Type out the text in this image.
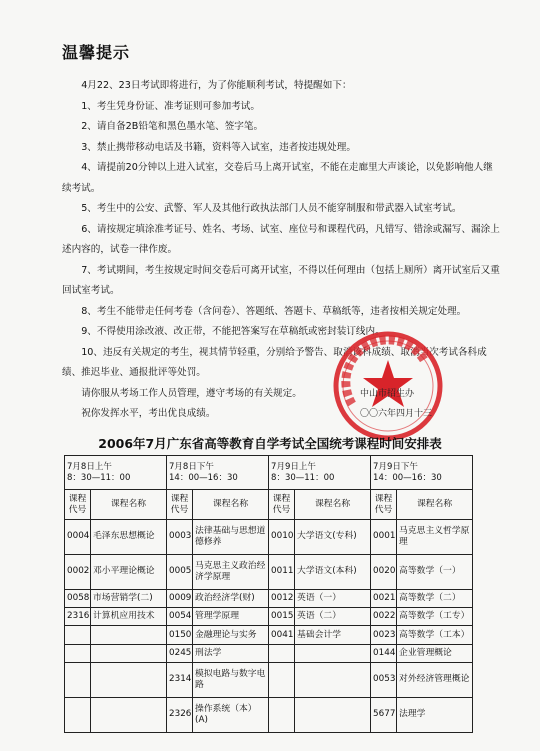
温馨提示

4月22、23日考试即将进行，为了你能顺利考试，特提醒如下：

1、考生凭身份证、准考证则可参加考试。

2、请自备2B铅笔和黑色墨水笔、签字笔。

3、禁止携带移动电话及书籍，资料等入试室，违者按违规处理。

4、请提前20分钟以上进入试室，交卷后马上离开试室，不能在走廊里大声谈论，以免影响他人继续考试。

5、考生中的公安、武警、军人及其他行政执法部门人员不能穿制服和带武器入试室考试。

6、请按规定填涂准考证号、姓名、考场、试室、座位号和课程代码，凡错写、错涂或漏写、漏涂上述内容的，试卷一律作废。

7、考试期间，考生按规定时间交卷后可离开试室，不得以任何理由（包括上厕所）离开试室后又重回试室考试。

8、考生不能带走任何考卷（含问卷）、答题纸、答题卡、草稿纸等，违者按相关规定处理。

9、不得使用涂改液、改正带，不能把答案写在草稿纸或密封装订线内。

10、违反有关规定的考生，视其情节轻重，分别给予警告、取消该科成绩、取消当次考试各科成绩、推迟毕业、通报批评等处罚。

请你服从考场工作人员管理，遵守考场的有关规定。

祝你发挥水平，考出优良成绩。

中山市招生办
〇〇六年四月十三
2006年7月广东省高等教育自学考试全国统考课程时间安排表
7月8日上午
8：30—11：00		7月8日下午
14：00—16：30		7月9日上午
8：30—11：00		7月9日下午
14：00—16：30	
课程代号	课程名称	课程代号	课程名称	课程代号	课程名称	课程代号	课程名称
0004	毛泽东思想概论	0003	法律基础与思想道德修养	0010	大学语文(专科)	0001	马克思主义哲学原理
0002	邓小平理论概论	0005	马克思主义政治经济学原理	0011	大学语文(本科)	0020	高等数学（一）
0058	市场营销学(二)	0009	政治经济学(财)	0012	英语（一）	0021	高等数学（二）
2316	计算机应用技术	0054	管理学原理	0015	英语（二）	0022	高等数学（工专）
		0150	金融理论与实务	0041	基础会计学	0023	高等数学（工本）
		0245	刑法学			0144	企业管理概论
		2314	模拟电路与数字电路			0053	对外经济管理概论
		2326	操作系统（本）(A)			5677	法理学
